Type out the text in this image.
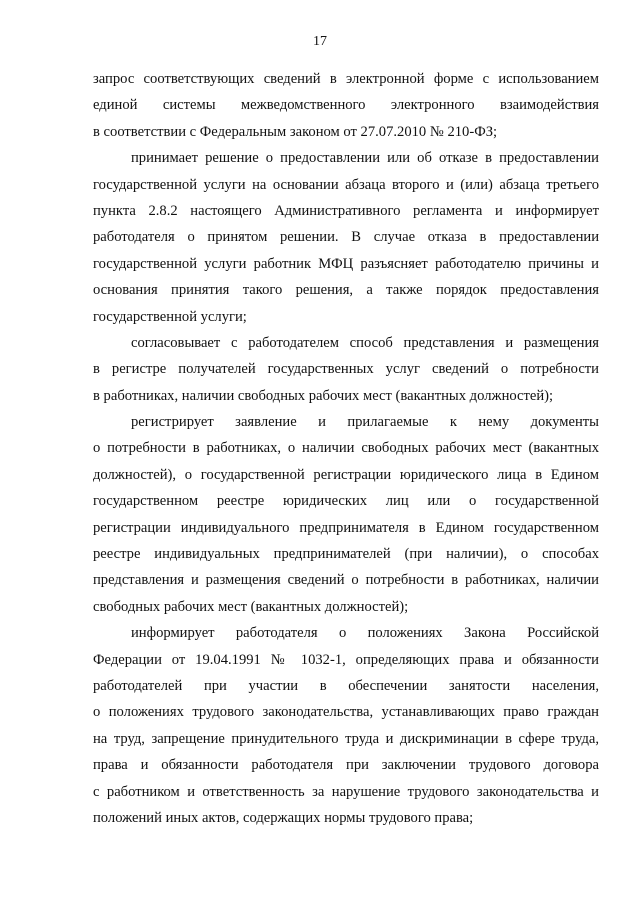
17

запрос соответствующих сведений в электронной форме с использованием
единой системы межведомственного электронного взаимодействия
в соответствии с Федеральным законом от 27.07.2010 № 210-ФЗ;

принимает решение о предоставлении или об отказе в предоставлении
государственной услуги на основании абзаца второго и (или) абзаца третьего
пункта 2.8.2 настоящего Административного регламента и информирует
работодателя о принятом решении. В случае отказа в предоставлении
государственной услуги работник МФЦ разъясняет работодателю причины и
основания принятия такого решения, а также порядок предоставления
государственной услуги;

согласовывает с работодателем способ представления и размещения
в регистре получателей государственных услуг сведений о потребности
в работниках, наличии свободных рабочих мест (вакантных должностей);

регистрирует заявление и прилагаемые к нему документы
о потребности в работниках, о наличии свободных рабочих мест (вакантных
должностей), о государственной регистрации юридического лица в Едином
государственном реестре юридических лиц или о государственной
регистрации индивидуального предпринимателя в Едином государственном
реестре индивидуальных предпринимателей (при наличии), о способах
представления и размещения сведений о потребности в работниках, наличии
свободных рабочих мест (вакантных должностей);

информирует работодателя о положениях Закона Российской
Федерации от 19.04.1991 № 1032-1, определяющих права и обязанности
работодателей при участии в обеспечении занятости населения,
о положениях трудового законодательства, устанавливающих право граждан
на труд, запрещение принудительного труда и дискриминации в сфере труда,
права и обязанности работодателя при заключении трудового договора
с работником и ответственность за нарушение трудового законодательства и
положений иных актов, содержащих нормы трудового права;
